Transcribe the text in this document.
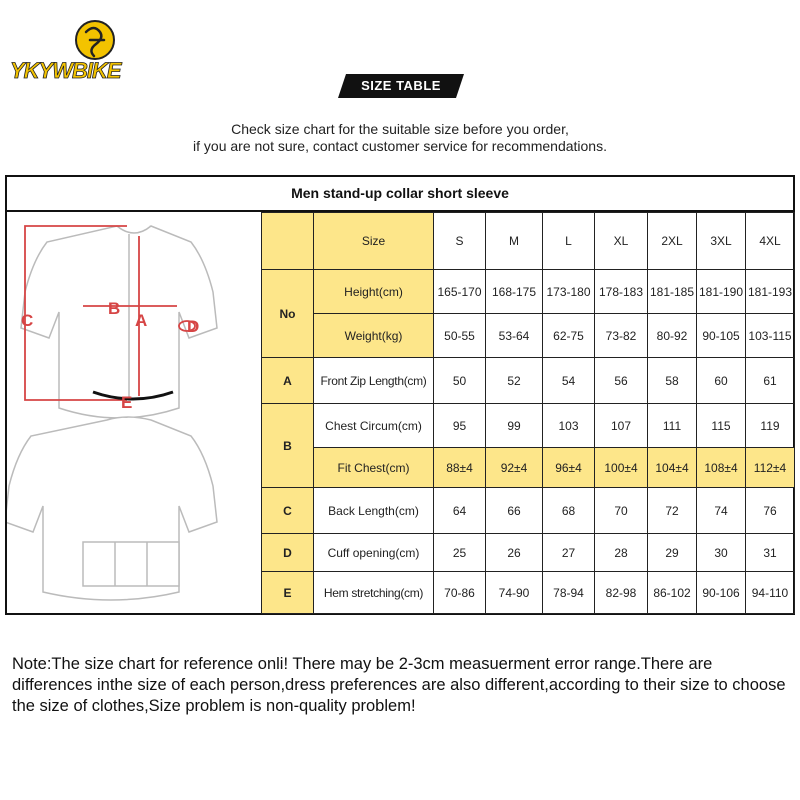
YKYWBIKE
SIZE TABLE
Check size chart for the suitable size before you order,
if you are not sure, contact customer service for recommendations.
Men stand-up collar short sleeve
C
B
A D
E
	Size	S	M	L	XL	2XL	3XL	4XL
No	Height(cm)	165-170	168-175	173-180	178-183	181-185	181-190	181-193
	Weight(kg)	50-55	53-64	62-75	73-82	80-92	90-105	103-115
A	Front Zip Length(cm)	50	52	54	56	58	60	61
B	Chest Circum(cm)	95	99	103	107	111	115	119
	Fit Chest(cm)	88±4	92±4	96±4	100±4	104±4	108±4	112±4
C	Back Length(cm)	64	66	68	70	72	74	76
D	Cuff opening(cm)	25	26	27	28	29	30	31
E	Hem stretching(cm)	70-86	74-90	78-94	82-98	86-102	90-106	94-110
Note:The size chart for reference onli! There may be 2-3cm measuerment error range.There are differences inthe size of each person,dress preferences are also different,according to their size to choose the size of clothes,Size problem is non-quality problem!
